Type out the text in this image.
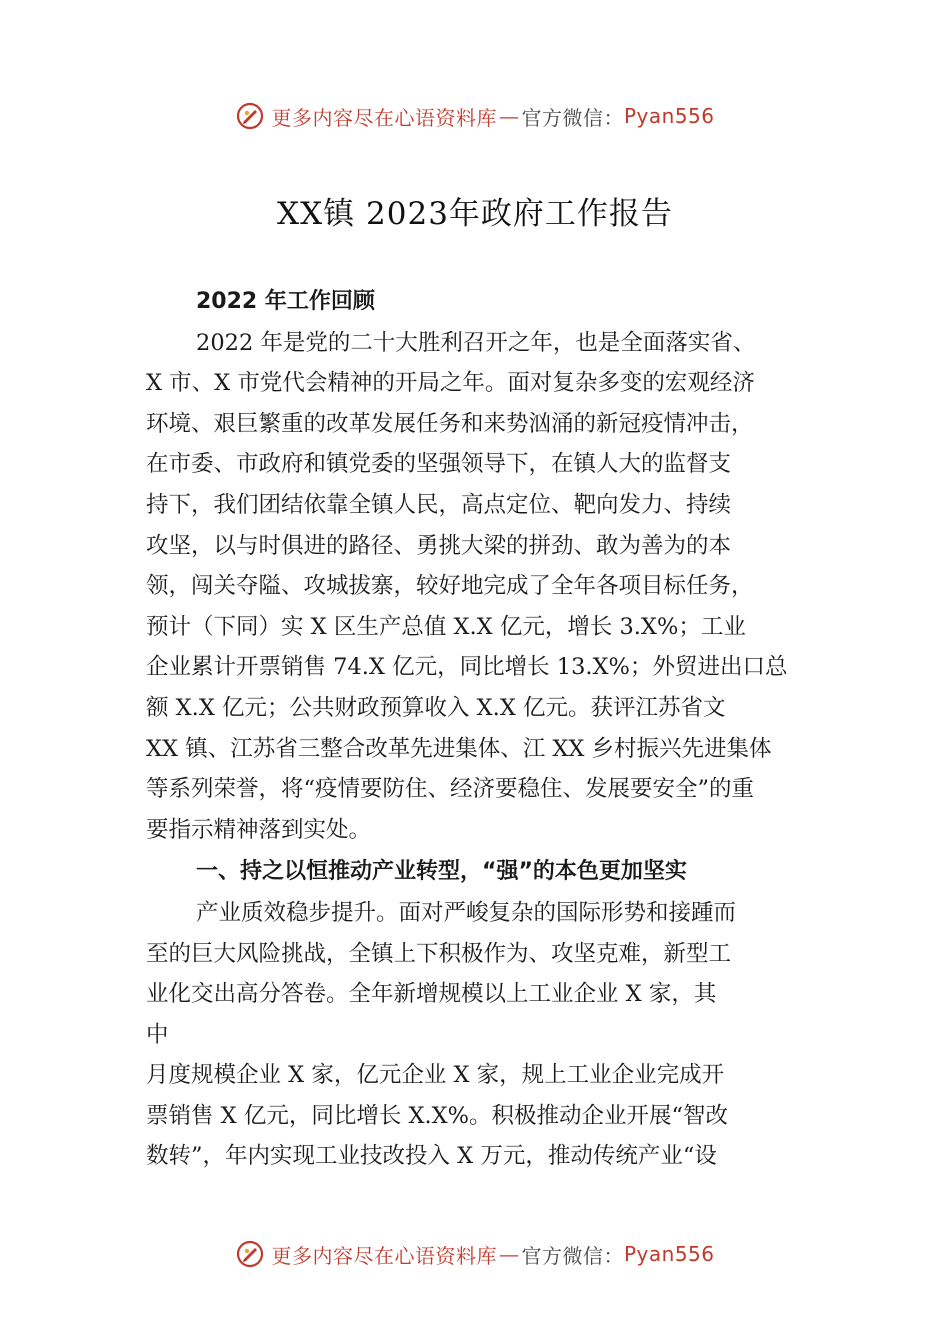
更多内容尽在心语资料库 — 官方微信： Pyan556
XX镇 2023年政府工作报告
2022 年工作回顾
2022 年是党的二十大胜利召开之年，也是全面落实省、
X 市、X 市党代会精神的开局之年。面对复杂多变的宏观经济
环境、艰巨繁重的改革发展任务和来势汹涌的新冠疫情冲击，
在市委、市政府和镇党委的坚强领导下，在镇人大的监督支
持下，我们团结依靠全镇人民，高点定位、靶向发力、持续
攻坚，以与时俱进的路径、勇挑大梁的拼劲、敢为善为的本
领，闯关夺隘、攻城拔寨，较好地完成了全年各项目标任务，
预计（下同）实 X 区生产总值 X.X 亿元，增长 3.X%；工业
企业累计开票销售 74.X 亿元，同比增长 13.X%；外贸进出口总
额 X.X 亿元；公共财政预算收入 X.X 亿元。获评江苏省文
XX 镇、江苏省三整合改革先进集体、江 XX 乡村振兴先进集体
等系列荣誉，将“疫情要防住、经济要稳住、发展要安全”的重
要指示精神落到实处。
一、持之以恒推动产业转型，“强”的本色更加坚实
产业质效稳步提升。面对严峻复杂的国际形势和接踵而
至的巨大风险挑战，全镇上下积极作为、攻坚克难，新型工
业化交出高分答卷。全年新增规模以上工业企业 X 家，其
中
月度规模企业 X 家，亿元企业 X 家，规上工业企业完成开
票销售 X 亿元，同比增长 X.X%。积极推动企业开展“智改
数转”，年内实现工业技改投入 X 万元，推动传统产业“设
更多内容尽在心语资料库 — 官方微信： Pyan556
